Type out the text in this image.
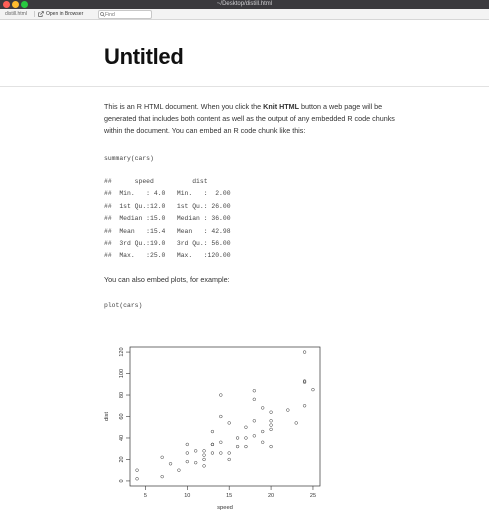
~/Desktop/distill.html
distill.html	Open in Browser
Find
Untitled

This is an R HTML document. When you click the Knit HTML button a web page will be generated that includes both content as well as the output of any embedded R code chunks within the document. You can embed an R code chunk like this:

summary(cars)
##      speed          dist
##  Min.   : 4.0   Min.   :  2.00
##  1st Qu.:12.0   1st Qu.: 26.00
##  Median :15.0   Median : 36.00
##  Mean   :15.4   Mean   : 42.98
##  3rd Qu.:19.0   3rd Qu.: 56.00
##  Max.   :25.0   Max.   :120.00

You can also embed plots, for example:

plot(cars)
5	10	15	20	25
0
20
40
60
80
100
120
speed
dist
